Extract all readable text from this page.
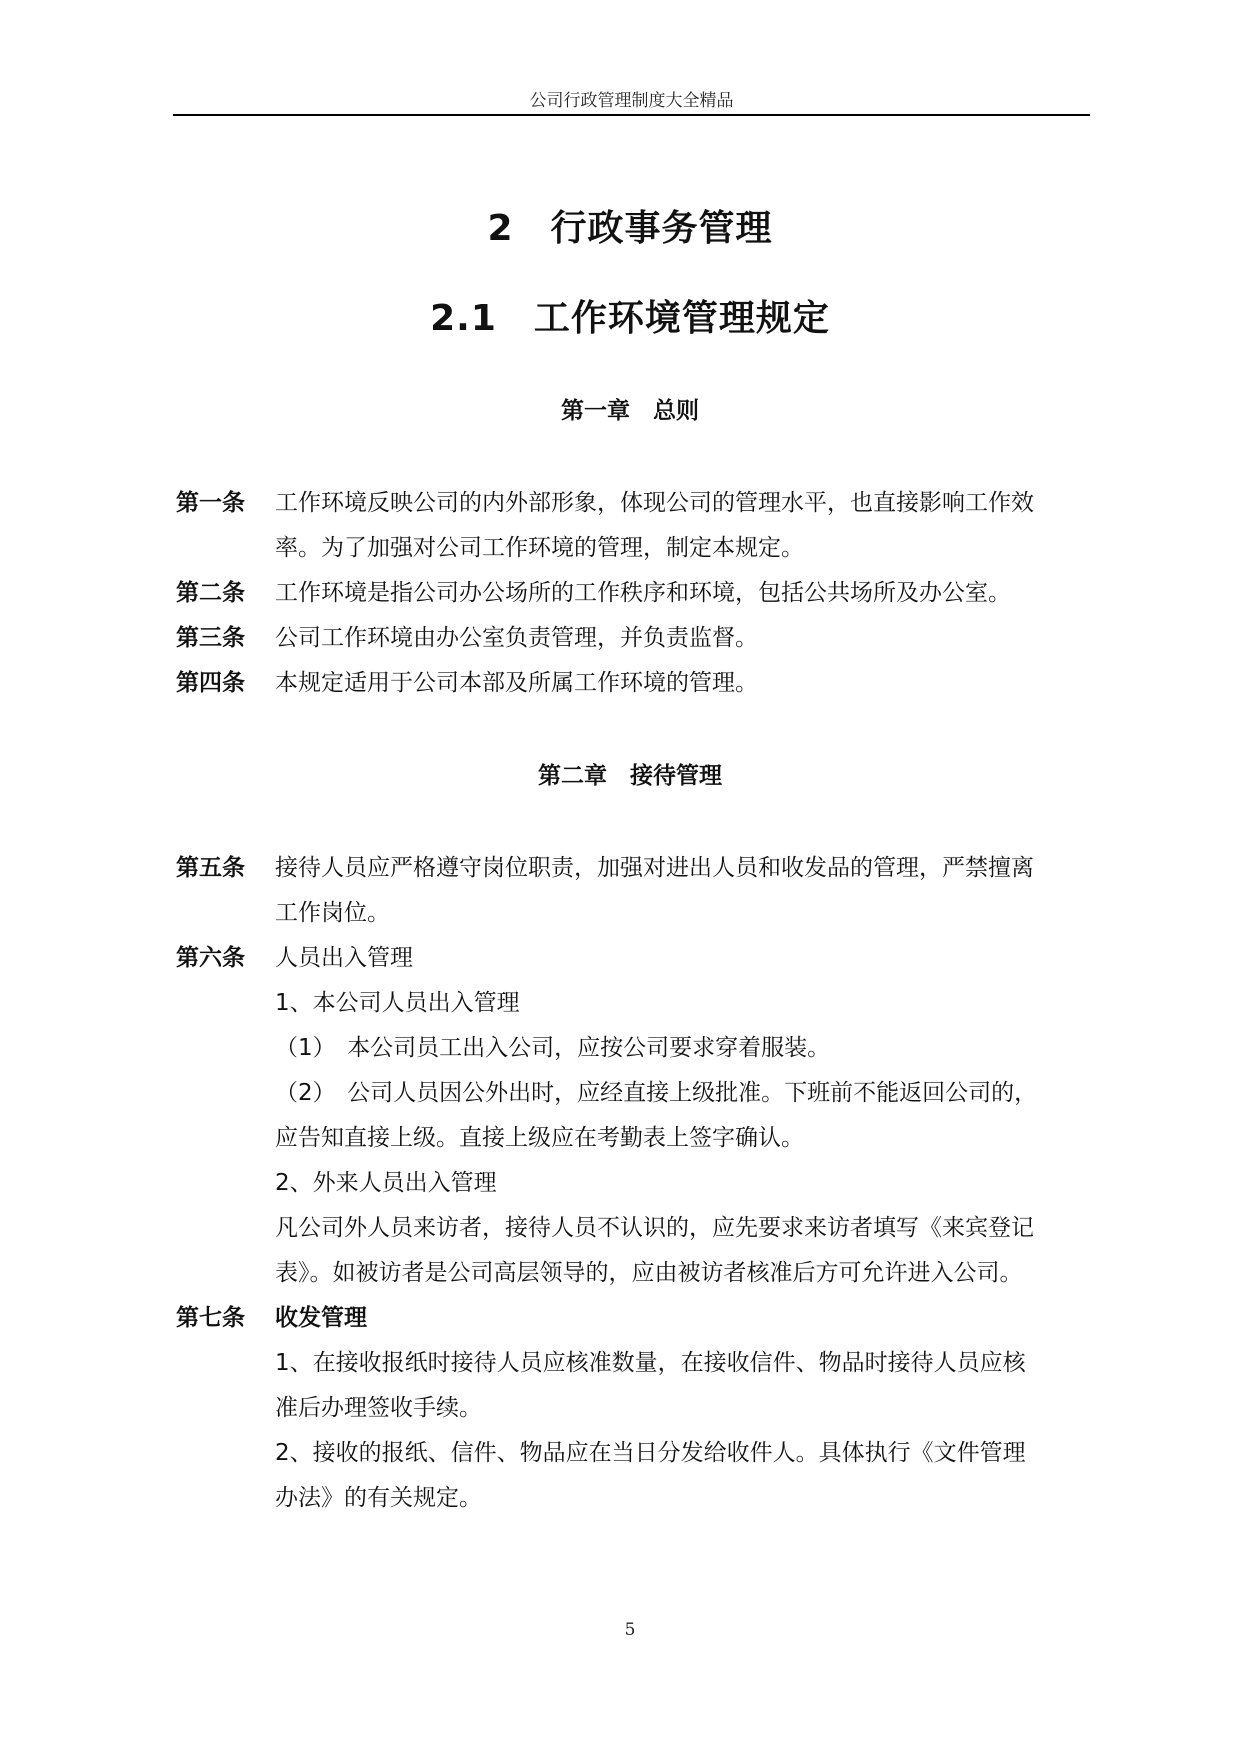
公司行政管理制度大全精品
2　行政事务管理
2.1　工作环境管理规定
第一章　总则
第一条 工作环境反映公司的内外部形象，体现公司的管理水平，也直接影响工作效
率。为了加强对公司工作环境的管理，制定本规定。
第二条 工作环境是指公司办公场所的工作秩序和环境，包括公共场所及办公室。
第三条 公司工作环境由办公室负责管理，并负责监督。
第四条 本规定适用于公司本部及所属工作环境的管理。
第二章　接待管理
第五条 接待人员应严格遵守岗位职责，加强对进出人员和收发品的管理，严禁擅离
工作岗位。
第六条 人员出入管理
1、本公司人员出入管理
（1）　本公司员工出入公司，应按公司要求穿着服装。
（2）　公司人员因公外出时，应经直接上级批准。下班前不能返回公司的，
应告知直接上级。直接上级应在考勤表上签字确认。
2、外来人员出入管理
凡公司外人员来访者，接待人员不认识的，应先要求来访者填写《来宾登记
表》。如被访者是公司高层领导的，应由被访者核准后方可允许进入公司。
第七条 收发管理
1、在接收报纸时接待人员应核准数量，在接收信件、物品时接待人员应核
准后办理签收手续。
2、接收的报纸、信件、物品应在当日分发给收件人。具体执行《文件管理
办法》的有关规定。
5
